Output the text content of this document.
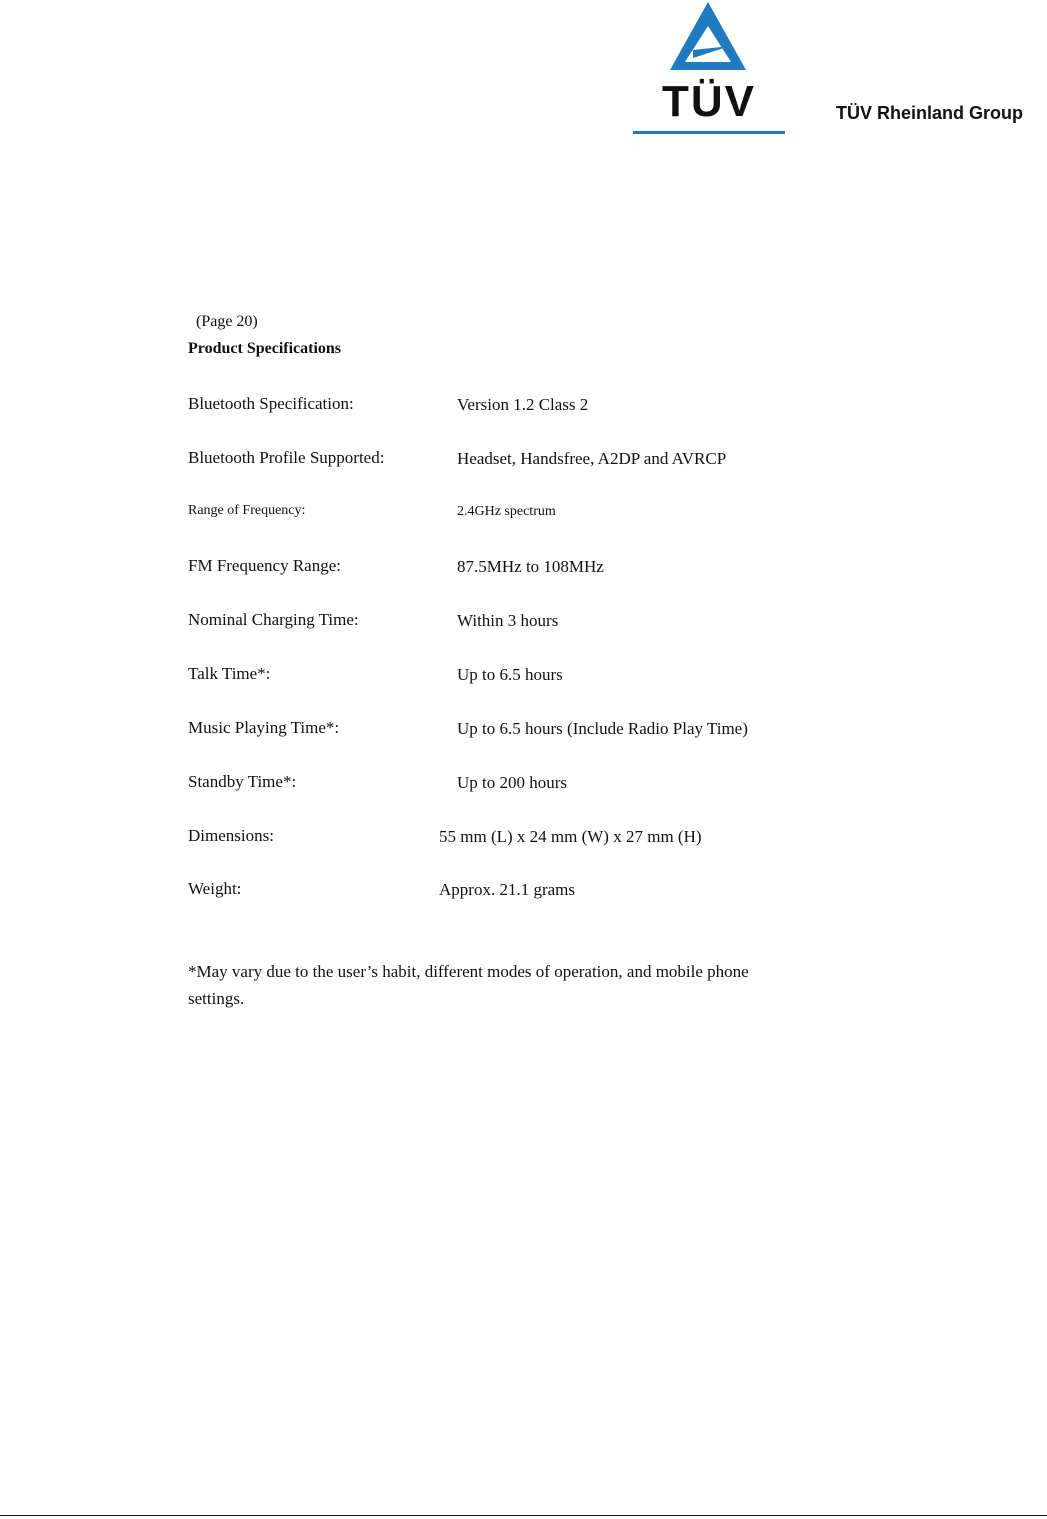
TÜV	TÜV Rheinland Group
(Page 20)
Product Specifications
Bluetooth Specification:	Version 1.2 Class 2
Bluetooth Profile Supported:	Headset, Handsfree, A2DP and AVRCP
Range of Frequency:	2.4GHz spectrum
FM Frequency Range:	87.5MHz to 108MHz
Nominal Charging Time:	Within 3 hours
Talk Time*:	Up to 6.5 hours
Music Playing Time*:	Up to 6.5 hours (Include Radio Play Time)
Standby Time*:	Up to 200 hours
Dimensions:	55 mm (L) x 24 mm (W) x 27 mm (H)
Weight:	Approx. 21.1 grams
*May vary due to the user’s habit, different modes of operation, and mobile phone settings.
